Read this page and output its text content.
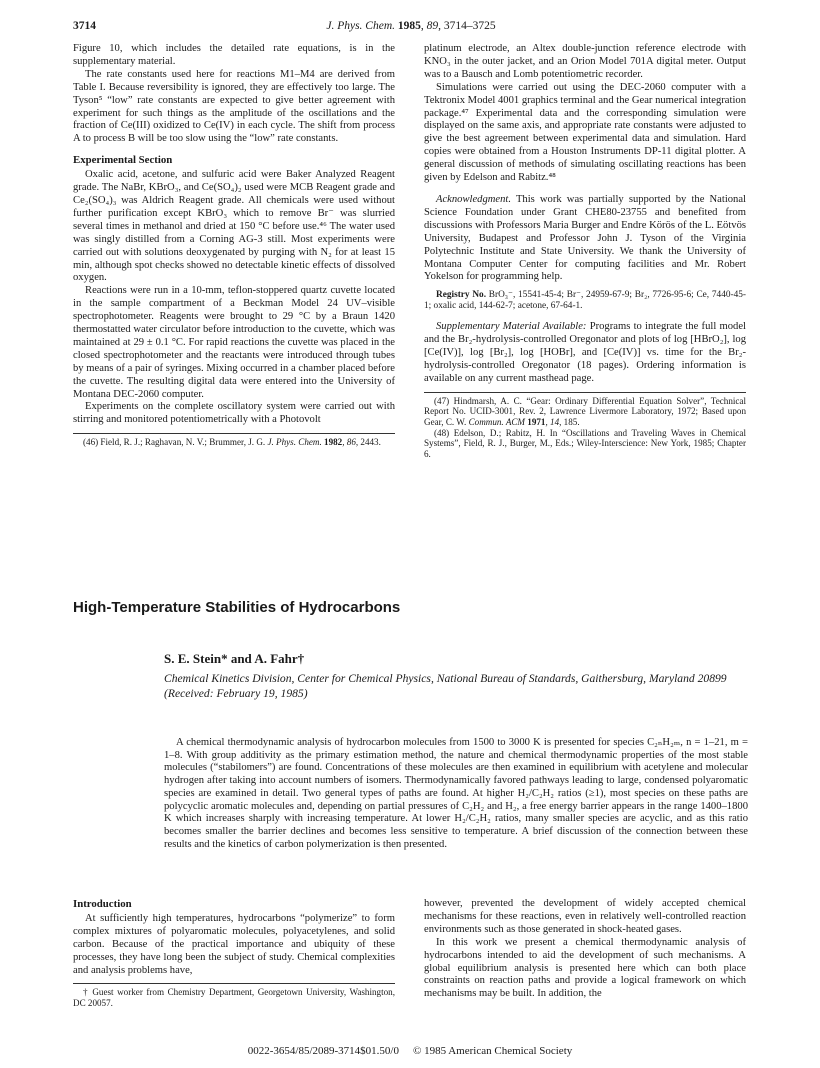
3714	J. Phys. Chem. 1985, 89, 3714–3725

Figure 10, which includes the detailed rate equations, is in the supplementary material.

The rate constants used here for reactions M1–M4 are derived from Table I. Because reversibility is ignored, they are effectively too large. The Tyson⁵ “low” rate constants are expected to give better agreement with experiment for such things as the amplitude of the oscillations and the fraction of Ce(III) oxidized to Ce(IV) in each cycle. The shift from process A to process B will be too slow using the “low” rate constants.

Experimental Section

Oxalic acid, acetone, and sulfuric acid were Baker Analyzed Reagent grade. The NaBr, KBrO₃, and Ce(SO₄)₂ used were MCB Reagent grade and Ce₂(SO₄)₃ was Aldrich Reagent grade. All chemicals were used without further purification except KBrO₃ which to remove Br⁻ was slurried several times in methanol and dried at 150 °C before use.⁴⁶ The water used was singly distilled from a Corning AG-3 still. Most experiments were carried out with solutions deoxygenated by purging with N₂ for at least 15 min, although spot checks showed no detectable kinetic effects of dissolved oxygen.

Reactions were run in a 10-mm, teflon-stoppered quartz cuvette located in the sample compartment of a Beckman Model 24 UV–visible spectrophotometer. Reagents were brought to 29 °C by a Braun 1420 thermostatted water circulator before introduction to the cuvette, which was maintained at 29 ± 0.1 °C. For rapid reactions the cuvette was placed in the closed spectrophotometer and the reactants were introduced through tubes by means of a pair of syringes. Mixing occurred in a chamber placed before the cuvette. The resulting digital data were entered into the University of Montana DEC-2060 computer.

Experiments on the complete oscillatory system were carried out with stirring and monitored potentiometrically with a Photovolt

(46) Field, R. J.; Raghavan, N. V.; Brummer, J. G. J. Phys. Chem. 1982, 86, 2443.

platinum electrode, an Altex double-junction reference electrode with KNO₃ in the outer jacket, and an Orion Model 701A digital meter. Output was to a Bausch and Lomb potentiometric recorder.

Simulations were carried out using the DEC-2060 computer with a Tektronix Model 4001 graphics terminal and the Gear numerical integration package.⁴⁷ Experimental data and the corresponding simulation were displayed on the same axis, and appropriate rate constants were adjusted to give the best agreement between experimental data and simulation. Hard copies were obtained from a Houston Instruments DP-11 digital plotter. A general discussion of methods of simulating oscillating reactions has been given by Edelson and Rabitz.⁴⁸

Acknowledgment. This work was partially supported by the National Science Foundation under Grant CHE80-23755 and benefited from discussions with Professors Maria Burger and Endre Körös of the L. Eötvös University, Budapest and Professor John J. Tyson of the Virginia Polytechnic Institute and State University. We thank the University of Montana Computer Center for computing facilities and Mr. Robert Yokelson for programming help.

Registry No. BrO₃⁻, 15541-45-4; Br⁻, 24959-67-9; Br₂, 7726-95-6; Ce, 7440-45-1; oxalic acid, 144-62-7; acetone, 67-64-1.

Supplementary Material Available: Programs to integrate the full model and the Br₂-hydrolysis-controlled Oregonator and plots of log [HBrO₂], log [Ce(IV)], log [Br₂], log [HOBr], and [Ce(IV)] vs. time for the Br₂-hydrolysis-controlled Oregonator (18 pages). Ordering information is available on any current masthead page.

(47) Hindmarsh, A. C. “Gear: Ordinary Differential Equation Solver”, Technical Report No. UCID-3001, Rev. 2, Lawrence Livermore Laboratory, 1972; Based upon Gear, C. W. Commun. ACM 1971, 14, 185.

(48) Edelson, D.; Rabitz, H. In “Oscillations and Traveling Waves in Chemical Systems”, Field, R. J., Burger, M., Eds.; Wiley-Interscience: New York, 1985; Chapter 6.

High-Temperature Stabilities of Hydrocarbons
S. E. Stein* and A. Fahr†
Chemical Kinetics Division, Center for Chemical Physics, National Bureau of Standards, Gaithersburg, Maryland 20899 (Received: February 19, 1985)

A chemical thermodynamic analysis of hydrocarbon molecules from 1500 to 3000 K is presented for species C₂ₙH₂ₘ, n = 1–21, m = 1–8. With group additivity as the primary estimation method, the nature and chemical thermodynamic properties of the most stable molecules (“stabilomers”) are found. Concentrations of these molecules are then examined in equilibrium with acetylene and molecular hydrogen after taking into account numbers of isomers. Thermodynamically favored pathways leading to large, condensed polyaromatic species are examined in detail. Two general types of paths are found. At higher H₂/C₂H₂ ratios (≥1), most species on these paths are polycyclic aromatic molecules and, depending on partial pressures of C₂H₂ and H₂, a free energy barrier appears in the range 1400–1800 K which increases sharply with increasing temperature. At lower H₂/C₂H₂ ratios, many smaller species are acyclic, and as this ratio becomes smaller the barrier declines and becomes less sensitive to temperature. A brief discussion of the connection between these results and the kinetics of carbon polymerization is then presented.

Introduction

At sufficiently high temperatures, hydrocarbons “polymerize” to form complex mixtures of polyaromatic molecules, polyacetylenes, and solid carbon. Because of the practical importance and ubiquity of these processes, they have long been the subject of study. Chemical complexities and analysis problems have,

† Guest worker from Chemistry Department, Georgetown University, Washington, DC 20057.

however, prevented the development of widely accepted chemical mechanisms for these reactions, even in relatively well-controlled reaction environments such as those generated in shock-heated gases.

In this work we present a chemical thermodynamic analysis of hydrocarbons intended to aid the development of such mechanisms. A global equilibrium analysis is presented here which can both place constraints on reaction paths and provide a logical framework on which mechanisms may be built. In addition, the

0022-3654/85/2089-3714$01.50/0 © 1985 American Chemical Society
